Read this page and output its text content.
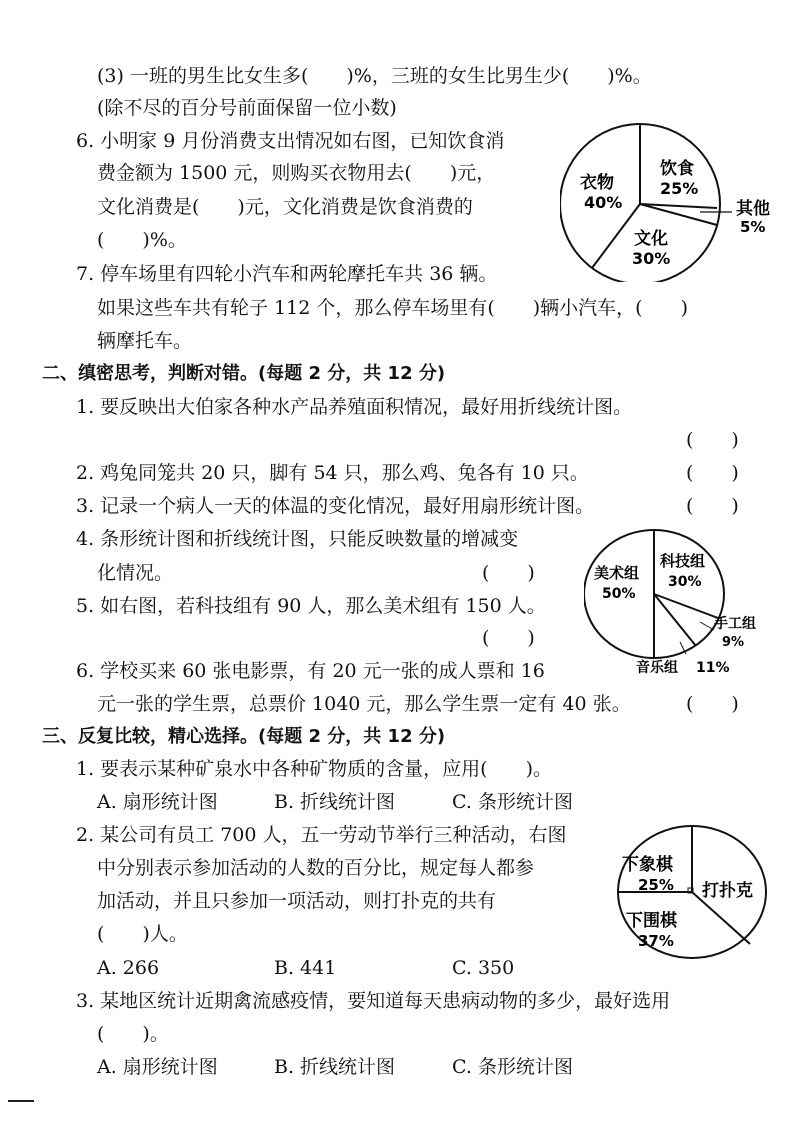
(3) 一班的男生比女生多(　　)%，三班的女生比男生少(　　)%。
(除不尽的百分号前面保留一位小数)
6. 小明家 9 月份消费支出情况如右图，已知饮食消
费金额为 1500 元，则购买衣物用去(　　)元，
文化消费是(　　)元，文化消费是饮食消费的
(　　)%。
7. 停车场里有四轮小汽车和两轮摩托车共 36 辆。
如果这些车共有轮子 112 个，那么停车场里有(　　)辆小汽车，(　　)
辆摩托车。
衣物
40%
饮食
25%
文化
30%
其他
5%
二、缜密思考，判断对错。(每题 2 分，共 12 分)
1. 要反映出大伯家各种水产品养殖面积情况，最好用折线统计图。
(　　)
2. 鸡兔同笼共 20 只，脚有 54 只，那么鸡、兔各有 10 只。	(　　)
3. 记录一个病人一天的体温的变化情况，最好用扇形统计图。	(　　)
4. 条形统计图和折线统计图，只能反映数量的增减变
化情况。	(　　)
5. 如右图，若科技组有 90 人，那么美术组有 150 人。
(　　)
6. 学校买来 60 张电影票，有 20 元一张的成人票和 16
元一张的学生票，总票价 1040 元，那么学生票一定有 40 张。	(　　)
美术组
50%
科技组
30%
手工组
9%
音乐组 11%
三、反复比较，精心选择。(每题 2 分，共 12 分)
1. 要表示某种矿泉水中各种矿物质的含量，应用(　　)。
A. 扇形统计图	B. 折线统计图	C. 条形统计图
2. 某公司有员工 700 人，五一劳动节举行三种活动，右图
中分别表示参加活动的人数的百分比，规定每人都参
加活动，并且只参加一项活动，则打扑克的共有
(　　)人。
A. 266	B. 441	C. 350
下象棋
25% 打扑克
下围棋
37%
3. 某地区统计近期禽流感疫情，要知道每天患病动物的多少，最好选用
(　　)。
A. 扇形统计图	B. 折线统计图	C. 条形统计图
